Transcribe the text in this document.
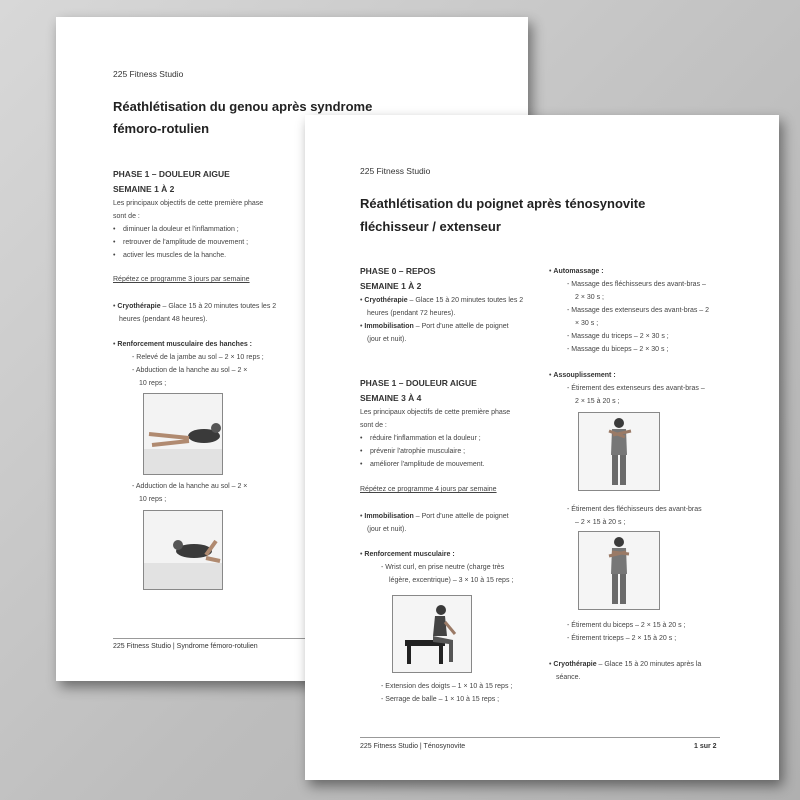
225 Fitness Studio
Réathlétisation du genou après syndrome
fémoro-rotulien
PHASE 1 – DOULEUR AIGUE
SEMAINE 1 À 2
Les principaux objectifs de cette première phase
sont de :
• diminuer la douleur et l'inflammation ;
• retrouver de l'amplitude de mouvement ;
• activer les muscles de la hanche.
Répétez ce programme 3 jours par semaine
• Cryothérapie – Glace 15 à 20 minutes toutes les 2
heures (pendant 48 heures).
• Renforcement musculaire des hanches :
- Relevé de la jambe au sol – 2 × 10 reps ;
- Abduction de la hanche au sol – 2 ×
10 reps ;
- Adduction de la hanche au sol – 2 ×
10 reps ;
225 Fitness Studio | Syndrome fémoro-rotulien
225 Fitness Studio
Réathlétisation du poignet après ténosynovite
fléchisseur / extenseur
PHASE 0 – REPOS
SEMAINE 1 À 2
• Cryothérapie – Glace 15 à 20 minutes toutes les 2
heures (pendant 72 heures).
• Immobilisation – Port d'une attelle de poignet
(jour et nuit).
PHASE 1 – DOULEUR AIGUE
SEMAINE 3 À 4
Les principaux objectifs de cette première phase
sont de :
• réduire l'inflammation et la douleur ;
• prévenir l'atrophie musculaire ;
• améliorer l'amplitude de mouvement.
Répétez ce programme 4 jours par semaine
• Immobilisation – Port d'une attelle de poignet
(jour et nuit).
• Renforcement musculaire :
- Wrist curl, en prise neutre (charge très
légère, excentrique) – 3 × 10 à 15 reps ;
- Extension des doigts – 1 × 10 à 15 reps ;
- Serrage de balle – 1 × 10 à 15 reps ;
• Automassage :
- Massage des fléchisseurs des avant-bras –
2 × 30 s ;
- Massage des extenseurs des avant-bras – 2
× 30 s ;
- Massage du triceps – 2 × 30 s ;
- Massage du biceps – 2 × 30 s ;
• Assouplissement :
- Étirement des extenseurs des avant-bras –
2 × 15 à 20 s ;
- Étirement des fléchisseurs des avant-bras
– 2 × 15 à 20 s ;
- Étirement du biceps – 2 × 15 à 20 s ;
- Étirement triceps – 2 × 15 à 20 s ;
• Cryothérapie – Glace 15 à 20 minutes après la
séance.
225 Fitness Studio | Ténosynovite	1 sur 2
